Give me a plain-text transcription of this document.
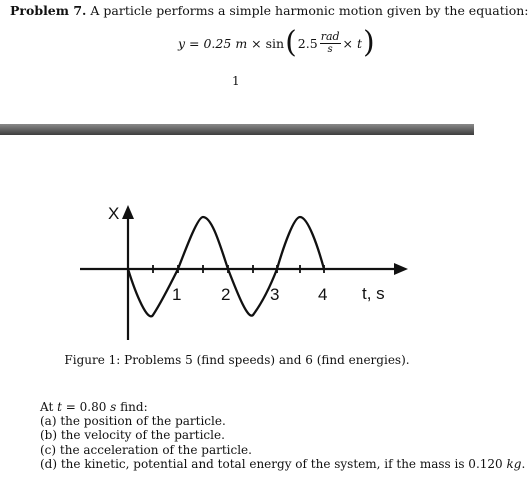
Problem 7. A particle performs a simple harmonic motion given by the equation:
y = 0.25
m
× sin ( $2.5 \frac{\text{rad}}{s} \times t$ )
1
X
t, s
1 2 3 4
Figure 1: Problems 5 (find speeds) and 6 (find energies).
At t = 0.80 s find:
(a) the position of the particle.
(b) the velocity of the particle.
(c) the acceleration of the particle.
(d) the kinetic, potential and total energy of the system, if the mass is 0.120 kg.
